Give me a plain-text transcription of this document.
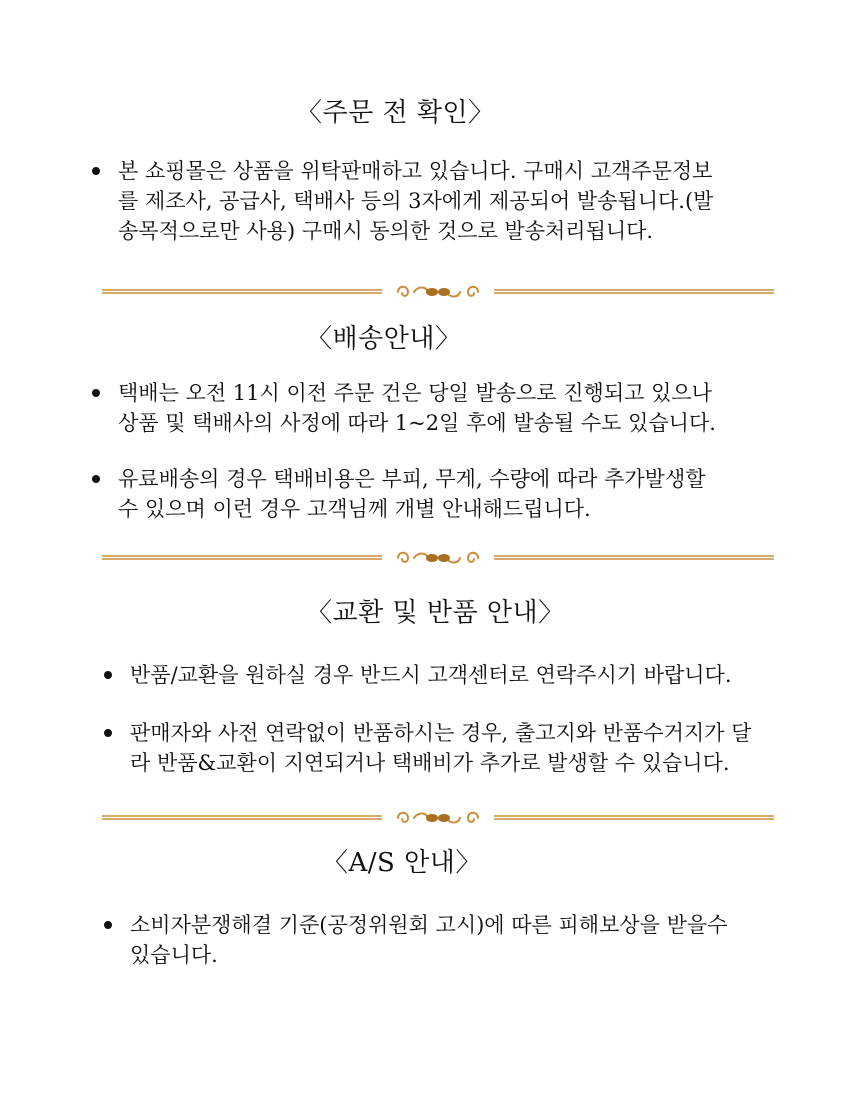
〈주문 전 확인〉
본 쇼핑몰은 상품을 위탁판매하고 있습니다. 구매시 고객주문정보
를 제조사, 공급사, 택배사 등의 3자에게 제공되어 발송됩니다.(발
송목적으로만 사용) 구매시 동의한 것으로 발송처리됩니다.
〈배송안내〉
택배는 오전 11시 이전 주문 건은 당일 발송으로 진행되고 있으나
상품 및 택배사의 사정에 따라 1~2일 후에 발송될 수도 있습니다.
유료배송의 경우 택배비용은 부피, 무게, 수량에 따라 추가발생할
수 있으며 이런 경우 고객님께 개별 안내해드립니다.
〈교환 및 반품 안내〉
반품/교환을 원하실 경우 반드시 고객센터로 연락주시기 바랍니다.
판매자와 사전 연락없이 반품하시는 경우, 출고지와 반품수거지가 달
라 반품&교환이 지연되거나 택배비가 추가로 발생할 수 있습니다.
〈A/S 안내〉
소비자분쟁해결 기준(공정위원회 고시)에 따른 피해보상을 받을수
있습니다.
